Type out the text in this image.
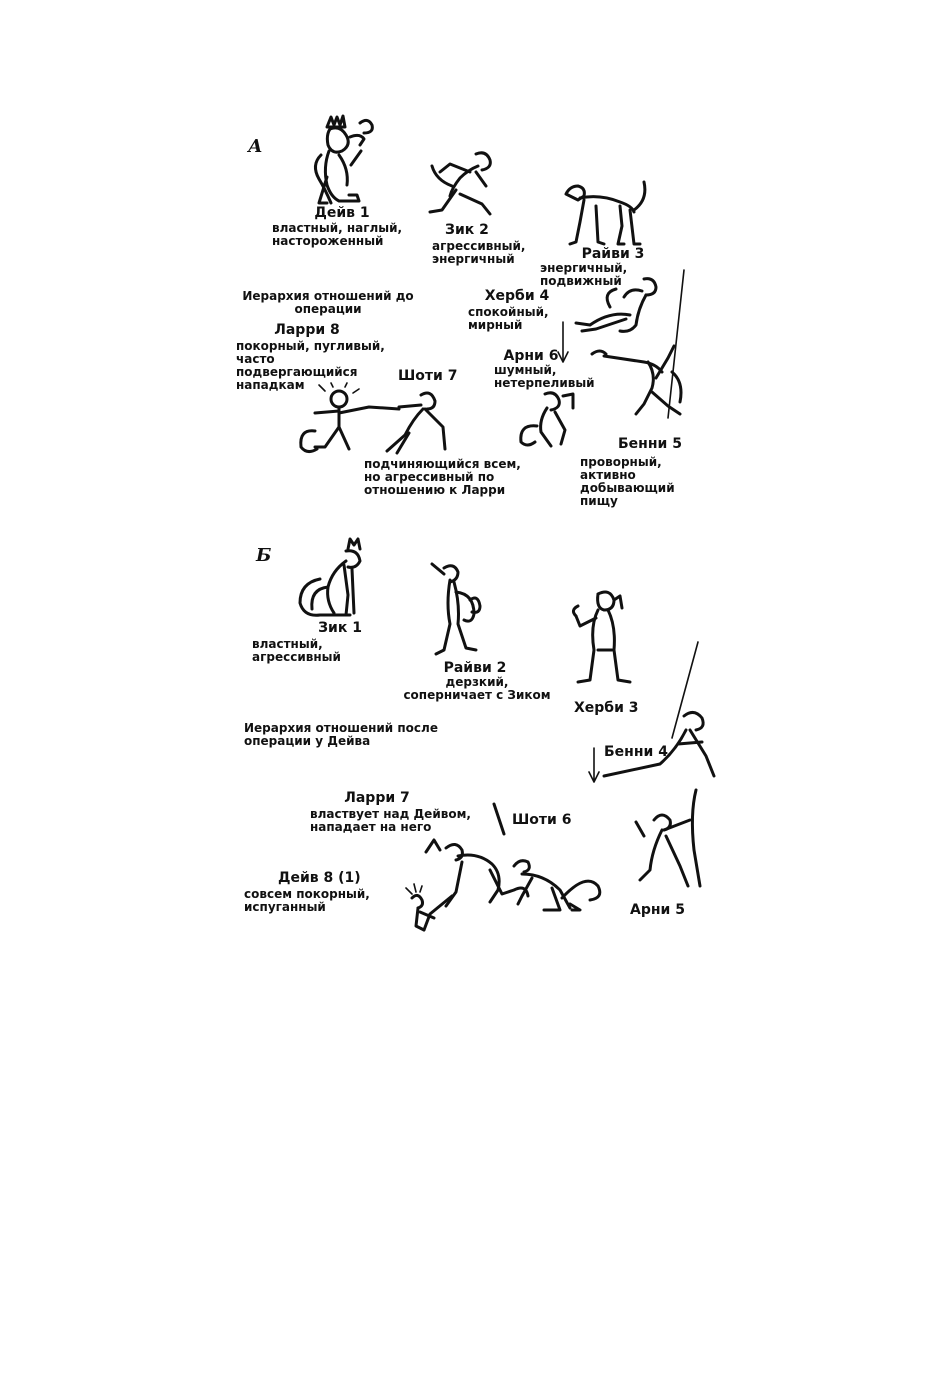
А
Дейв 1
властный, наглый, настороженный
Зик 2
агрессивный, энергичный	Райви 3
энергичный, подвижный
Иерархия отношений до операции
Херби 4
спокойный, мирный
Ларри 8
покорный, пугливый, часто подвергающийся нападкам
Арни 6
шумный, нетерпеливый
Шоти 7
подчиняющийся всем, но агрессивный по отношению к Ларри
Бенни 5
проворный, активно добывающий пищу
Б
Зик 1
властный, агрессивный
Райви 2
дерзкий, соперничает с Зиком
Херби 3
Иерархия отношений после операции у Дейва
Бенни 4
Арни 5
Ларри 7
властвует над Дейвом, нападает на него	Шоти 6
Дейв 8 (1)
совсем покорный, испуганный
